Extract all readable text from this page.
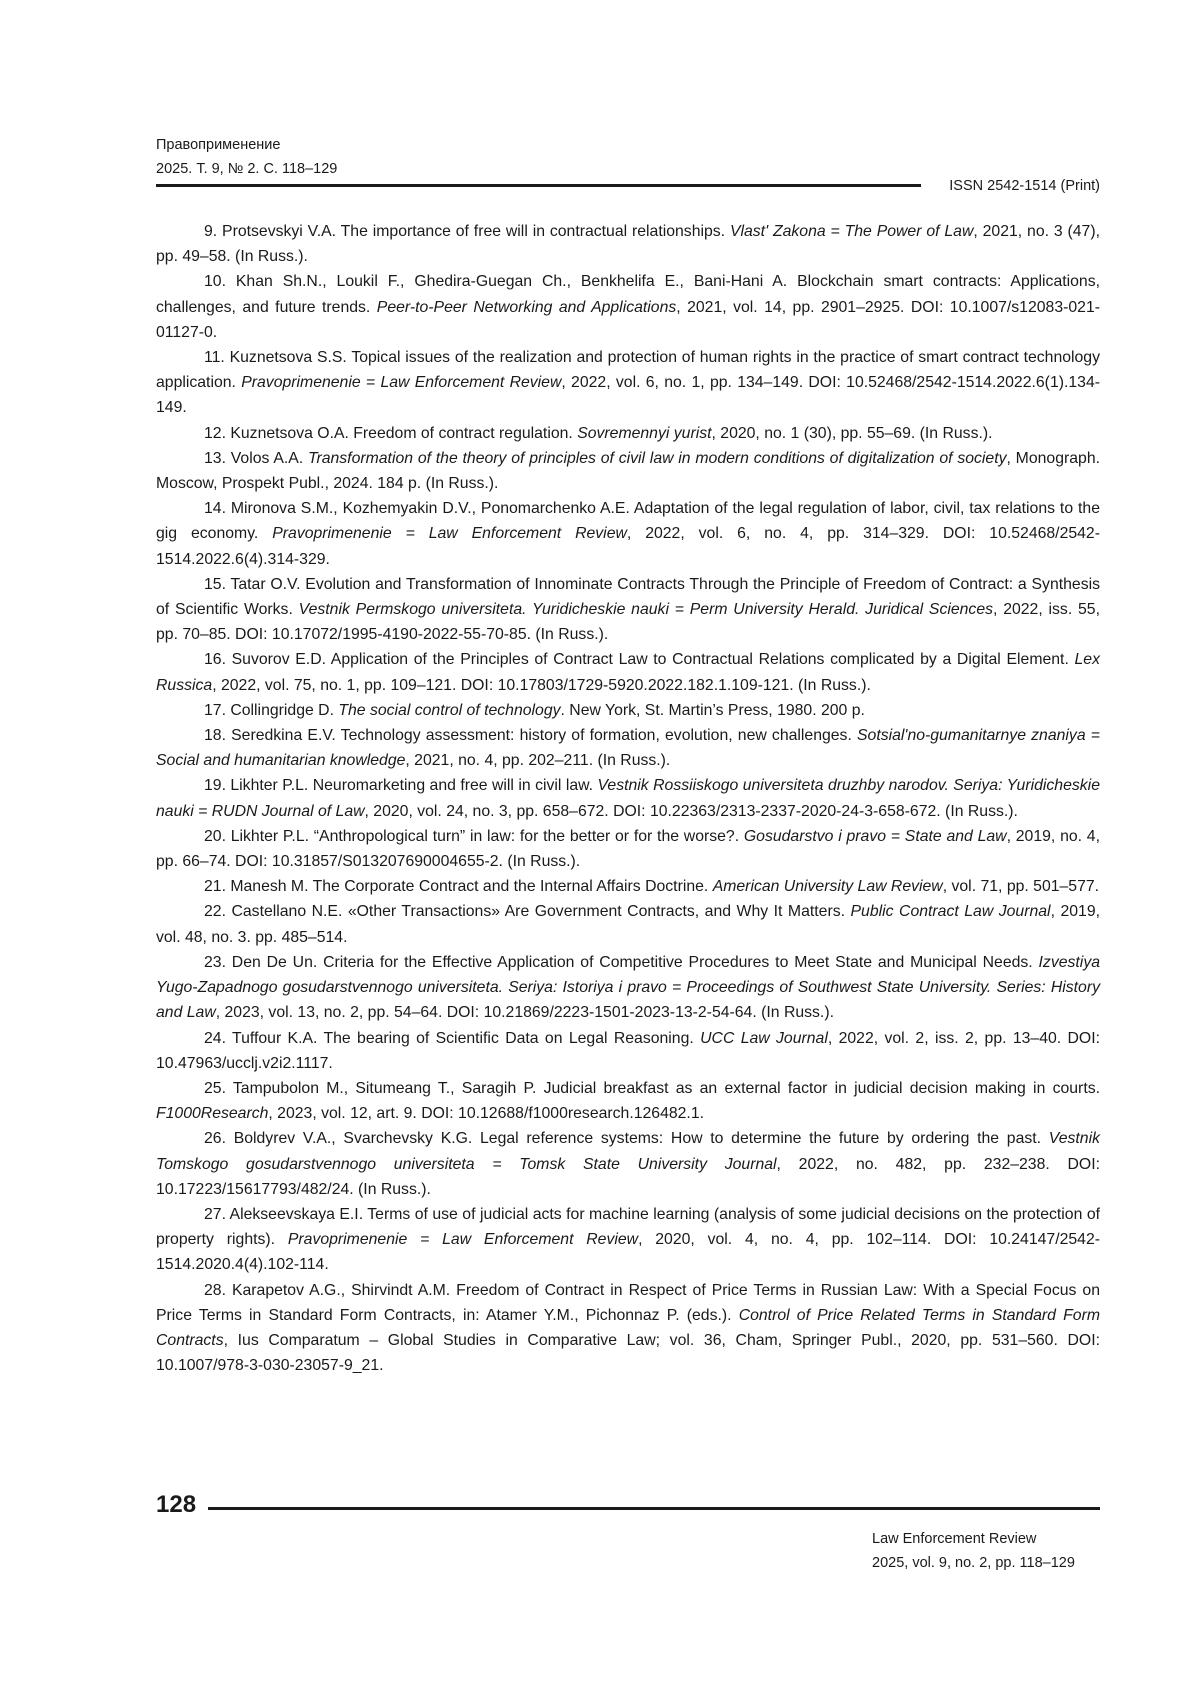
Правоприменение
2025. Т. 9, № 2. С. 118–129
ISSN 2542-1514 (Print)

9. Protsevskyi V.A. The importance of free will in contractual relationships. Vlast' Zakona = The Power of Law, 2021, no. 3 (47), pp. 49–58. (In Russ.).

10. Khan Sh.N., Loukil F., Ghedira-Guegan Ch., Benkhelifa E., Bani-Hani A. Blockchain smart contracts: Applications, challenges, and future trends. Peer-to-Peer Networking and Applications, 2021, vol. 14, pp. 2901–2925. DOI: 10.1007/s12083-021-01127-0.

11. Kuznetsova S.S. Topical issues of the realization and protection of human rights in the practice of smart contract technology application. Pravoprimenenie = Law Enforcement Review, 2022, vol. 6, no. 1, pp. 134–149. DOI: 10.52468/2542-1514.2022.6(1).134-149.

12. Kuznetsova O.A. Freedom of contract regulation. Sovremennyi yurist, 2020, no. 1 (30), pp. 55–69. (In Russ.).

13. Volos A.A. Transformation of the theory of principles of civil law in modern conditions of digitalization of society, Monograph. Moscow, Prospekt Publ., 2024. 184 p. (In Russ.).

14. Mironova S.M., Kozhemyakin D.V., Ponomarchenko A.E. Adaptation of the legal regulation of labor, civil, tax relations to the gig economy. Pravoprimenenie = Law Enforcement Review, 2022, vol. 6, no. 4, pp. 314–329. DOI: 10.52468/2542-1514.2022.6(4).314-329.

15. Tatar O.V. Evolution and Transformation of Innominate Contracts Through the Principle of Freedom of Contract: a Synthesis of Scientific Works. Vestnik Permskogo universiteta. Yuridicheskie nauki = Perm University Herald. Juridical Sciences, 2022, iss. 55, pp. 70–85. DOI: 10.17072/1995-4190-2022-55-70-85. (In Russ.).

16. Suvorov E.D. Application of the Principles of Contract Law to Contractual Relations complicated by a Digital Element. Lex Russica, 2022, vol. 75, no. 1, pp. 109–121. DOI: 10.17803/1729-5920.2022.182.1.109-121. (In Russ.).

17. Collingridge D. The social control of technology. New York, St. Martin’s Press, 1980. 200 p.

18. Seredkina E.V. Technology assessment: history of formation, evolution, new challenges. Sotsial'no-gumanitarnye znaniya = Social and humanitarian knowledge, 2021, no. 4, pp. 202–211. (In Russ.).

19. Likhter P.L. Neuromarketing and free will in civil law. Vestnik Rossiiskogo universiteta druzhby narodov. Seriya: Yuridicheskie nauki = RUDN Journal of Law, 2020, vol. 24, no. 3, pp. 658–672. DOI: 10.22363/2313-2337-2020-24-3-658-672. (In Russ.).

20. Likhter P.L. “Anthropological turn” in law: for the better or for the worse?. Gosudarstvo i pravo = State and Law, 2019, no. 4, pp. 66–74. DOI: 10.31857/S013207690004655-2. (In Russ.).

21. Manesh M. The Corporate Contract and the Internal Affairs Doctrine. American University Law Review, vol. 71, pp. 501–577.

22. Castellano N.E. «Other Transactions» Are Government Contracts, and Why It Matters. Public Contract Law Journal, 2019, vol. 48, no. 3. pp. 485–514.

23. Den De Un. Criteria for the Effective Application of Competitive Procedures to Meet State and Municipal Needs. Izvestiya Yugo-Zapadnogo gosudarstvennogo universiteta. Seriya: Istoriya i pravo = Proceedings of Southwest State University. Series: History and Law, 2023, vol. 13, no. 2, pp. 54–64. DOI: 10.21869/2223-1501-2023-13-2-54-64. (In Russ.).

24. Tuffour K.A. The bearing of Scientific Data on Legal Reasoning. UCC Law Journal, 2022, vol. 2, iss. 2, pp. 13–40. DOI: 10.47963/ucclj.v2i2.1117.

25. Tampubolon M., Situmeang T., Saragih P. Judicial breakfast as an external factor in judicial decision making in courts. F1000Research, 2023, vol. 12, art. 9. DOI: 10.12688/f1000research.126482.1.

26. Boldyrev V.A., Svarchevsky K.G. Legal reference systems: How to determine the future by ordering the past. Vestnik Tomskogo gosudarstvennogo universiteta = Tomsk State University Journal, 2022, no. 482, pp. 232–238. DOI: 10.17223/15617793/482/24. (In Russ.).

27. Alekseevskaya E.I. Terms of use of judicial acts for machine learning (analysis of some judicial decisions on the protection of property rights). Pravoprimenenie = Law Enforcement Review, 2020, vol. 4, no. 4, pp. 102–114. DOI: 10.24147/2542-1514.2020.4(4).102-114.

28. Karapetov A.G., Shirvindt A.M. Freedom of Contract in Respect of Price Terms in Russian Law: With a Special Focus on Price Terms in Standard Form Contracts, in: Atamer Y.M., Pichonnaz P. (eds.). Control of Price Related Terms in Standard Form Contracts, Ius Comparatum – Global Studies in Comparative Law; vol. 36, Cham, Springer Publ., 2020, pp. 531–560. DOI: 10.1007/978-3-030-23057-9_21.

128
Law Enforcement Review
2025, vol. 9, no. 2, pp. 118–129
